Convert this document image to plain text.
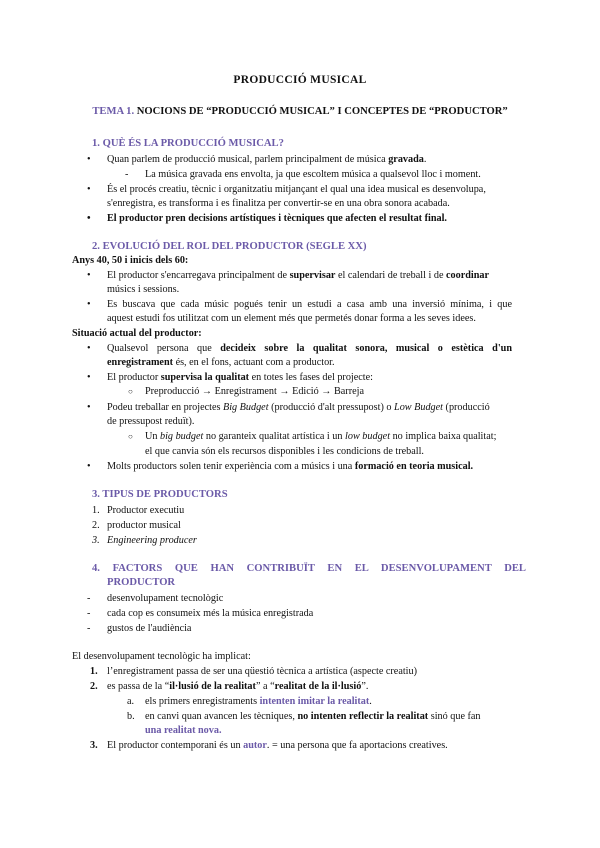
PRODUCCIÓ MUSICAL
TEMA 1. NOCIONS DE “PRODUCCIÓ MUSICAL” I CONCEPTES DE “PRODUCTOR”
1. QUÈ ÉS LA PRODUCCIÓ MUSICAL?
• Quan parlem de producció musical, parlem principalment de música gravada.
- La música gravada ens envolta, ja que escoltem música a qualsevol lloc i moment.
• És el procés creatiu, tècnic i organitzatiu mitjançant el qual una idea musical es desenvolupa,
s'enregistra, es transforma i es finalitza per convertir-se en una obra sonora acabada.
• El productor pren decisions artístiques i tècniques que afecten el resultat final.
2. EVOLUCIÓ DEL ROL DEL PRODUCTOR (SEGLE XX)
Anys 40, 50 i inicis dels 60:
• El productor s'encarregava principalment de supervisar el calendari de treball i de coordinar
músics i sessions.
• Es buscava que cada músic pogués tenir un estudi a casa amb una inversió mínima, i que
aquest estudi fos utilitzat com un element més que permetés donar forma a les seves idees.
Situació actual del productor:
• Qualsevol persona que decideix sobre la qualitat sonora, musical o estètica d'un
enregistrament és, en el fons, actuant com a productor.
• El productor supervisa la qualitat en totes les fases del projecte:
○ Preproducció → Enregistrament → Edició → Barreja
• Podeu treballar en projectes Big Budget (producció d'alt pressupost) o Low Budget (producció
de pressupost reduït).
○ Un big budget no garanteix qualitat artística i un low budget no implica baixa qualitat;
el que canvia són els recursos disponibles i les condicions de treball.
• Molts productors solen tenir experiència com a músics i una formació en teoria musical.
3. TIPUS DE PRODUCTORS
1. Productor executiu
2. productor musical
3. Engineering producer
4. FACTORS QUE HAN CONTRIBUÏT EN EL DESENVOLUPAMENT DEL
PRODUCTOR
- desenvolupament tecnològic
- cada cop es consumeix més la música enregistrada
- gustos de l'audiència
El desenvolupament tecnològic ha implicat:
1. l’enregistrament passa de ser una qüestió tècnica a artística (aspecte creatiu)
2. es passa de la “il·lusió de la realitat” a “realitat de la il·lusió”.
a. els primers enregistraments intenten imitar la realitat.
b. en canvi quan avancen les tècniques, no intenten reflectir la realitat sinó que fan
una realitat nova.
3. El productor contemporani és un autor. = una persona que fa aportacions creatives.
